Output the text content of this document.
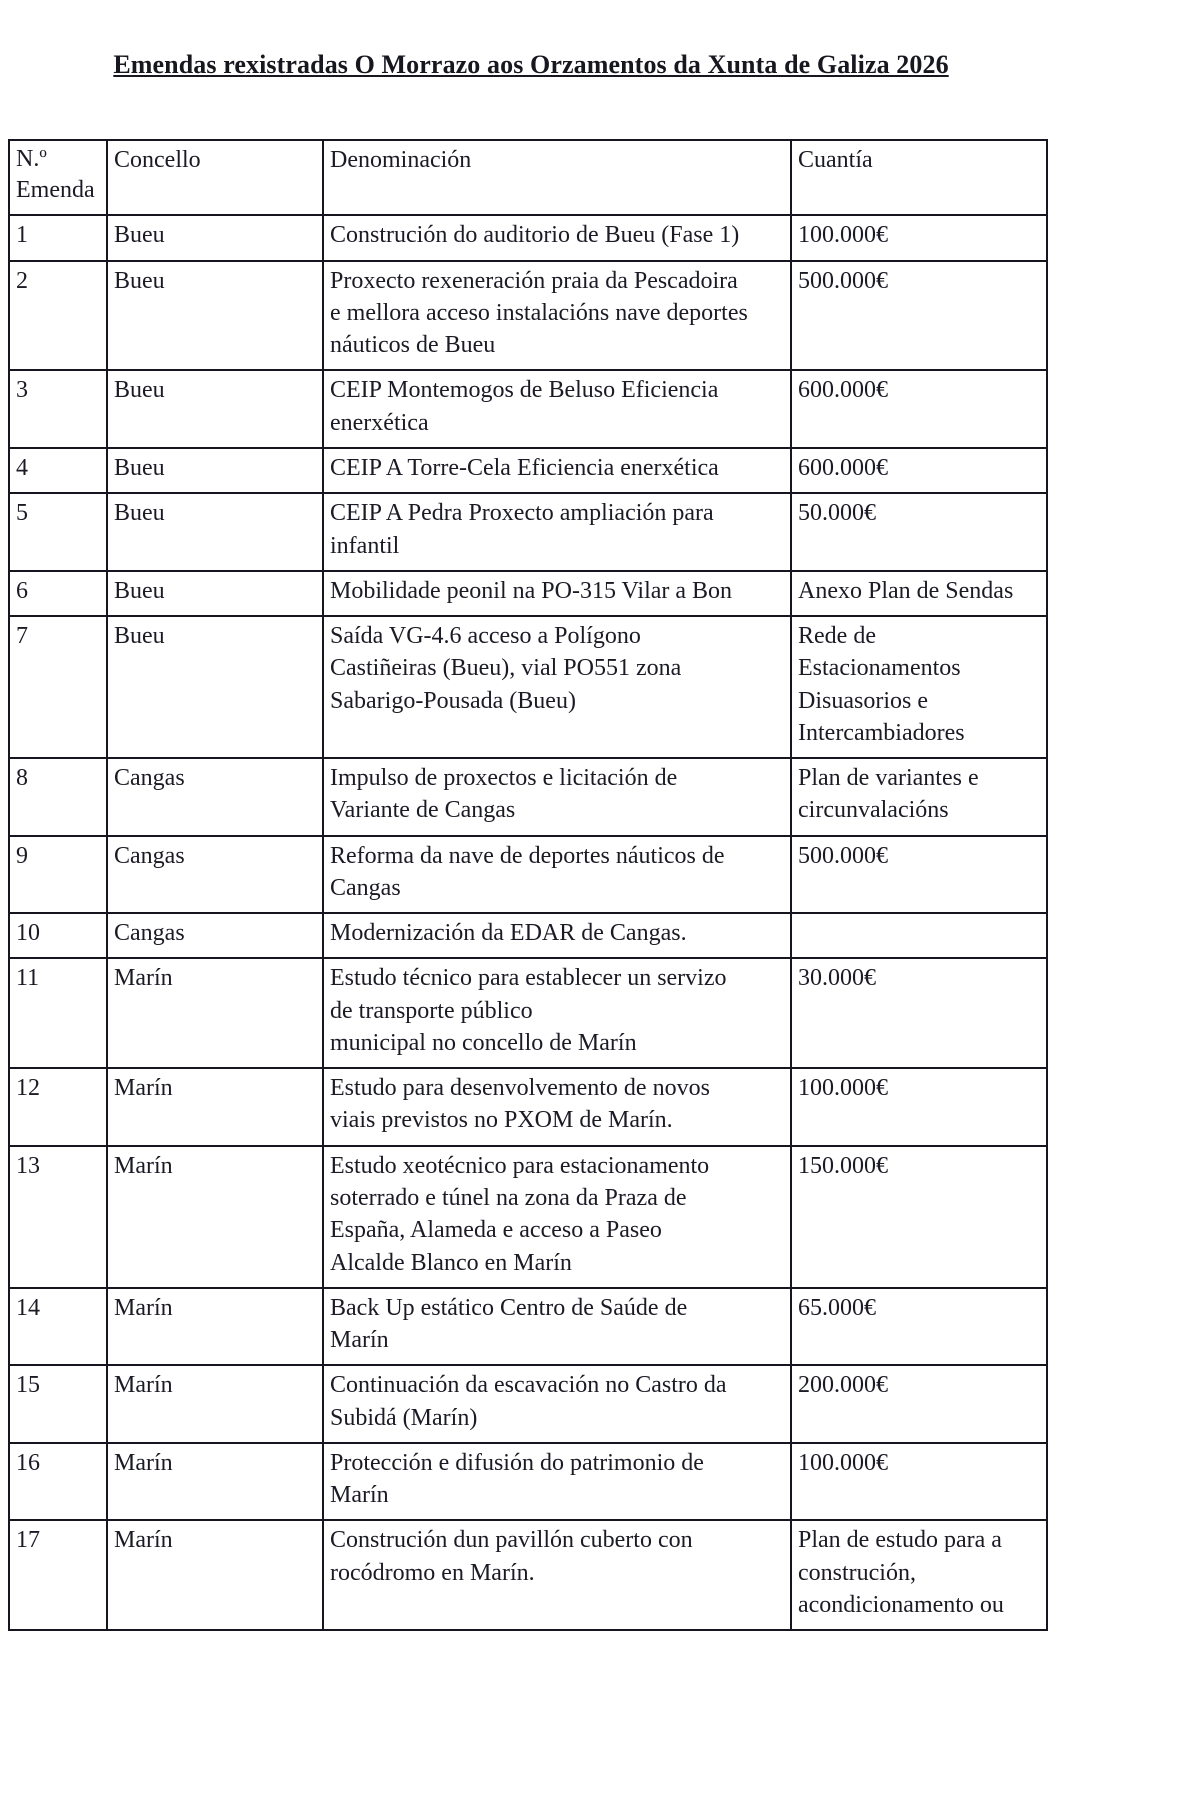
Emendas rexistradas O Morrazo aos Orzamentos da Xunta de Galiza 2026
N.º
Emenda	Concello	Denominación	Cuantía

1	Bueu	Construción do auditorio de Bueu (Fase 1)	100.000€

2	Bueu	Proxecto rexeneración praia da Pescadoira
e mellora acceso instalacións nave deportes
náuticos de Bueu	500.000€

3	Bueu	CEIP Montemogos de Beluso Eficiencia
enerxética	600.000€

4	Bueu	CEIP A Torre-Cela Eficiencia enerxética	600.000€

5	Bueu	CEIP A Pedra Proxecto ampliación para
infantil	50.000€

6	Bueu	Mobilidade peonil na PO-315 Vilar a Bon	Anexo Plan de Sendas

7	Bueu	Saída VG-4.6 acceso a Polígono
Castiñeiras (Bueu), vial PO551 zona
Sabarigo-Pousada (Bueu)	Rede de
Estacionamentos
Disuasorios e
Intercambiadores

8	Cangas	Impulso de proxectos e licitación de
Variante de Cangas	Plan de variantes e
circunvalacións

9	Cangas	Reforma da nave de deportes náuticos de
Cangas	500.000€

10	Cangas	Modernización da EDAR de Cangas.	

11	Marín	Estudo técnico para establecer un servizo
de transporte público
municipal no concello de Marín	30.000€

12	Marín	Estudo para desenvolvemento de novos
viais previstos no PXOM de Marín.	100.000€

13	Marín	Estudo xeotécnico para estacionamento
soterrado e túnel na zona da Praza de
España, Alameda e acceso a Paseo
Alcalde Blanco en Marín	150.000€

14	Marín	Back Up estático Centro de Saúde de
Marín	65.000€

15	Marín	Continuación da escavación no Castro da
Subidá (Marín)	200.000€

16	Marín	Protección e difusión do patrimonio de
Marín	100.000€

17	Marín	Construción dun pavillón cuberto con
rocódromo en Marín.	Plan de estudo para a
construción,
acondicionamento ou
